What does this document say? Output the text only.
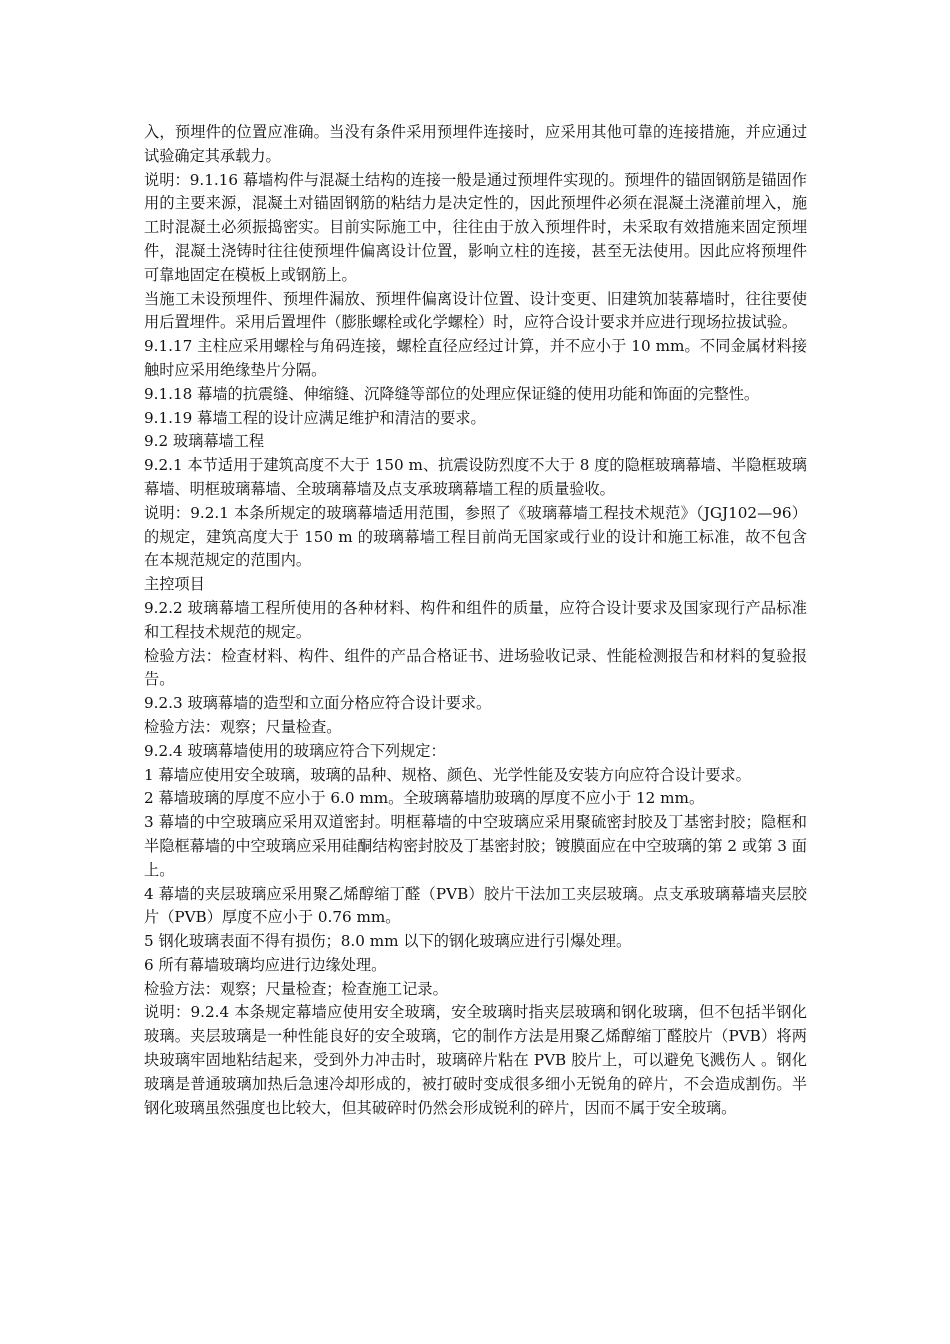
入，预埋件的位置应准确。当没有条件采用预埋件连接时，应采用其他可靠的连接措施，并应通过试验确定其承载力。

说明：9.1.16 幕墙构件与混凝土结构的连接一般是通过预埋件实现的。预埋件的锚固钢筋是锚固作用的主要来源，混凝土对锚固钢筋的粘结力是决定性的，因此预埋件必须在混凝土浇灌前埋入，施工时混凝土必须振捣密实。目前实际施工中，往往由于放入预埋件时，未采取有效措施来固定预埋件，混凝土浇铸时往往使预埋件偏离设计位置，影响立柱的连接，甚至无法使用。因此应将预埋件可靠地固定在模板上或钢筋上。

当施工未设预埋件、预埋件漏放、预埋件偏离设计位置、设计变更、旧建筑加装幕墙时，往往要使用后置埋件。采用后置埋件（膨胀螺栓或化学螺栓）时，应符合设计要求并应进行现场拉拔试验。

9.1.17 主柱应采用螺栓与角码连接，螺栓直径应经过计算，并不应小于 10 mm。不同金属材料接触时应采用绝缘垫片分隔。

9.1.18 幕墙的抗震缝、伸缩缝、沉降缝等部位的处理应保证缝的使用功能和饰面的完整性。

9.1.19 幕墙工程的设计应满足维护和清洁的要求。

9.2 玻璃幕墙工程

9.2.1 本节适用于建筑高度不大于 150 m、抗震设防烈度不大于 8 度的隐框玻璃幕墙、半隐框玻璃幕墙、明框玻璃幕墙、全玻璃幕墙及点支承玻璃幕墙工程的质量验收。

说明：9.2.1 本条所规定的玻璃幕墙适用范围，参照了《玻璃幕墙工程技术规范》（JGJ102—96）的规定，建筑高度大于 150 m 的玻璃幕墙工程目前尚无国家或行业的设计和施工标准，故不包含在本规范规定的范围内。

主控项目

9.2.2 玻璃幕墙工程所使用的各种材料、构件和组件的质量，应符合设计要求及国家现行产品标准和工程技术规范的规定。

检验方法：检查材料、构件、组件的产品合格证书、进场验收记录、性能检测报告和材料的复验报告。

9.2.3 玻璃幕墙的造型和立面分格应符合设计要求。

检验方法：观察；尺量检查。

9.2.4 玻璃幕墙使用的玻璃应符合下列规定：

1 幕墙应使用安全玻璃，玻璃的品种、规格、颜色、光学性能及安装方向应符合设计要求。

2 幕墙玻璃的厚度不应小于 6.0 mm。全玻璃幕墙肋玻璃的厚度不应小于 12 mm。

3 幕墙的中空玻璃应采用双道密封。明框幕墙的中空玻璃应采用聚硫密封胶及丁基密封胶；隐框和半隐框幕墙的中空玻璃应采用硅酮结构密封胶及丁基密封胶；镀膜面应在中空玻璃的第 2 或第 3 面上。

4 幕墙的夹层玻璃应采用聚乙烯醇缩丁醛（PVB）胶片干法加工夹层玻璃。点支承玻璃幕墙夹层胶片（PVB）厚度不应小于 0.76 mm。

5 钢化玻璃表面不得有损伤；8.0 mm 以下的钢化玻璃应进行引爆处理。

6 所有幕墙玻璃均应进行边缘处理。

检验方法：观察；尺量检查；检查施工记录。

说明：9.2.4 本条规定幕墙应使用安全玻璃，安全玻璃时指夹层玻璃和钢化玻璃，但不包括半钢化玻璃。夹层玻璃是一种性能良好的安全玻璃，它的制作方法是用聚乙烯醇缩丁醛胶片（PVB）将两块玻璃牢固地粘结起来，受到外力冲击时，玻璃碎片粘在 PVB 胶片上，可以避免飞溅伤人 。钢化玻璃是普通玻璃加热后急速冷却形成的，被打破时变成很多细小无锐角的碎片，不会造成割伤。半钢化玻璃虽然强度也比较大，但其破碎时仍然会形成锐利的碎片，因而不属于安全玻璃。
